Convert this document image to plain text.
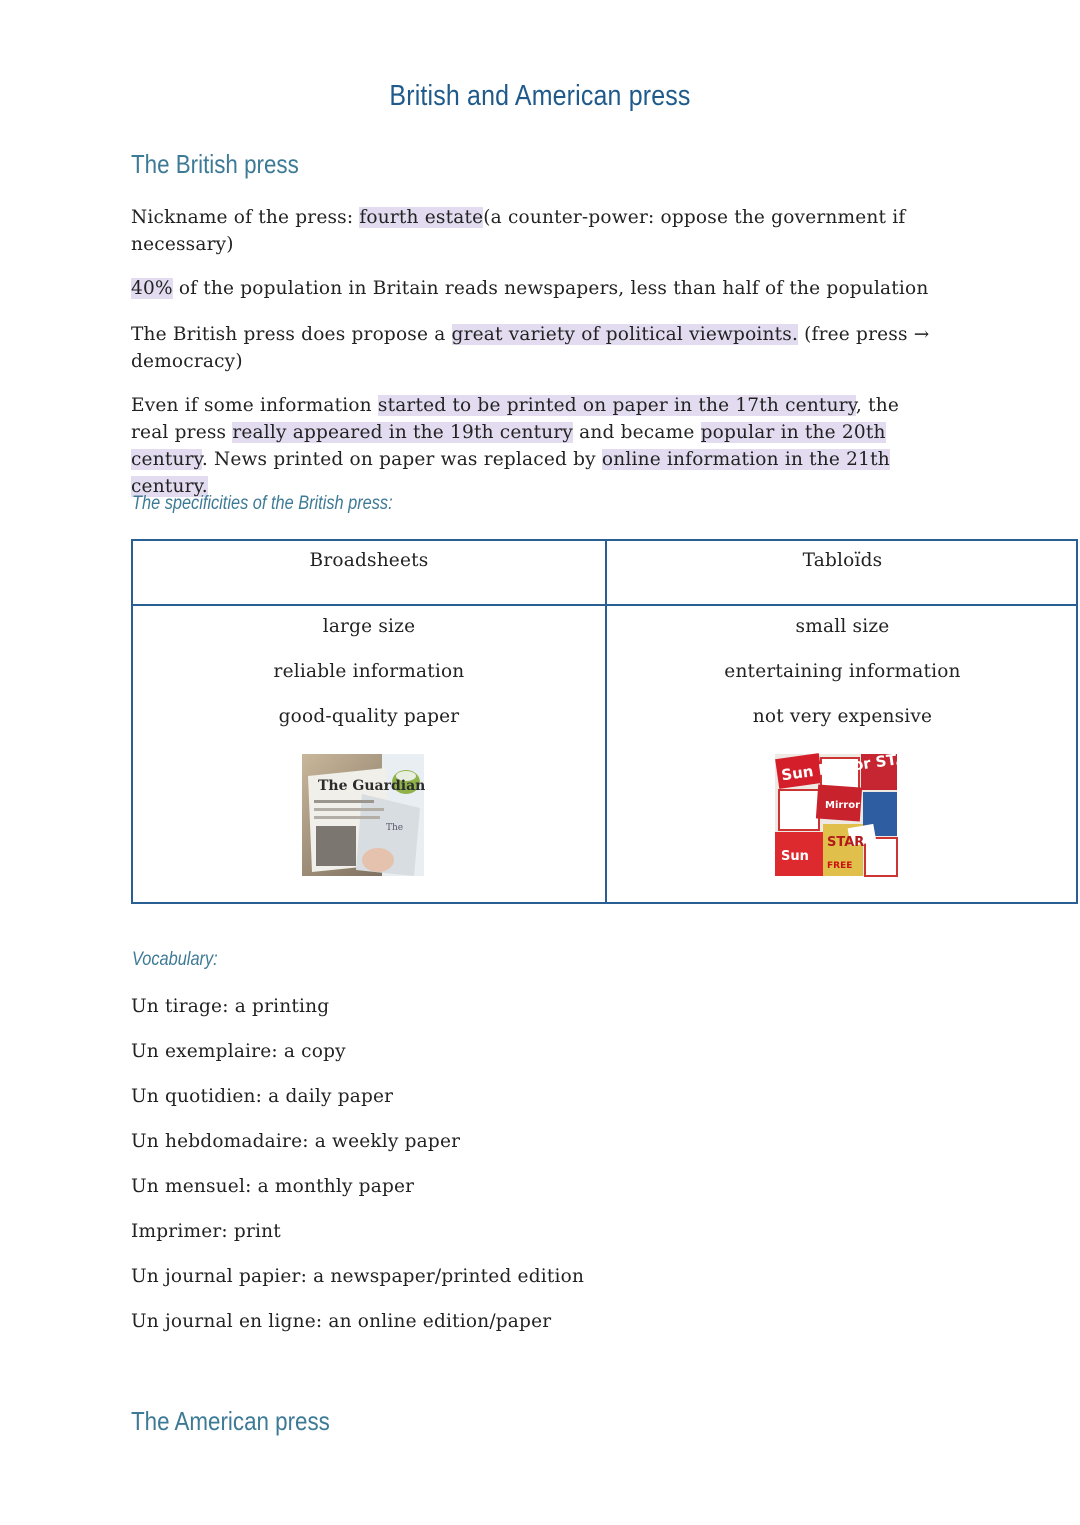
British and American press
The British press
Nickname of the press: fourth estate(a counter-power: oppose the government if necessary)
40% of the population in Britain reads newspapers, less than half of the population
The British press does propose a great variety of political viewpoints. (free press → democracy)
Even if some information started to be printed on paper in the 17th century, the real press really appeared in the 19th century and became popular in the 20th century. News printed on paper was replaced by online information in the 21th century.
The specificities of the British press:
Broadsheets	Tabloïds
large size
reliable information
good-quality paper
small size
entertaining information
not very expensive
The Guardian
The
Sun Mirror STAR
STAR
Mirror
Sun
FREE
Vocabulary:
Un tirage: a printing
Un exemplaire: a copy
Un quotidien: a daily paper
Un hebdomadaire: a weekly paper
Un mensuel: a monthly paper
Imprimer: print
Un journal papier: a newspaper/printed edition
Un journal en ligne: an online edition/paper
The American press
